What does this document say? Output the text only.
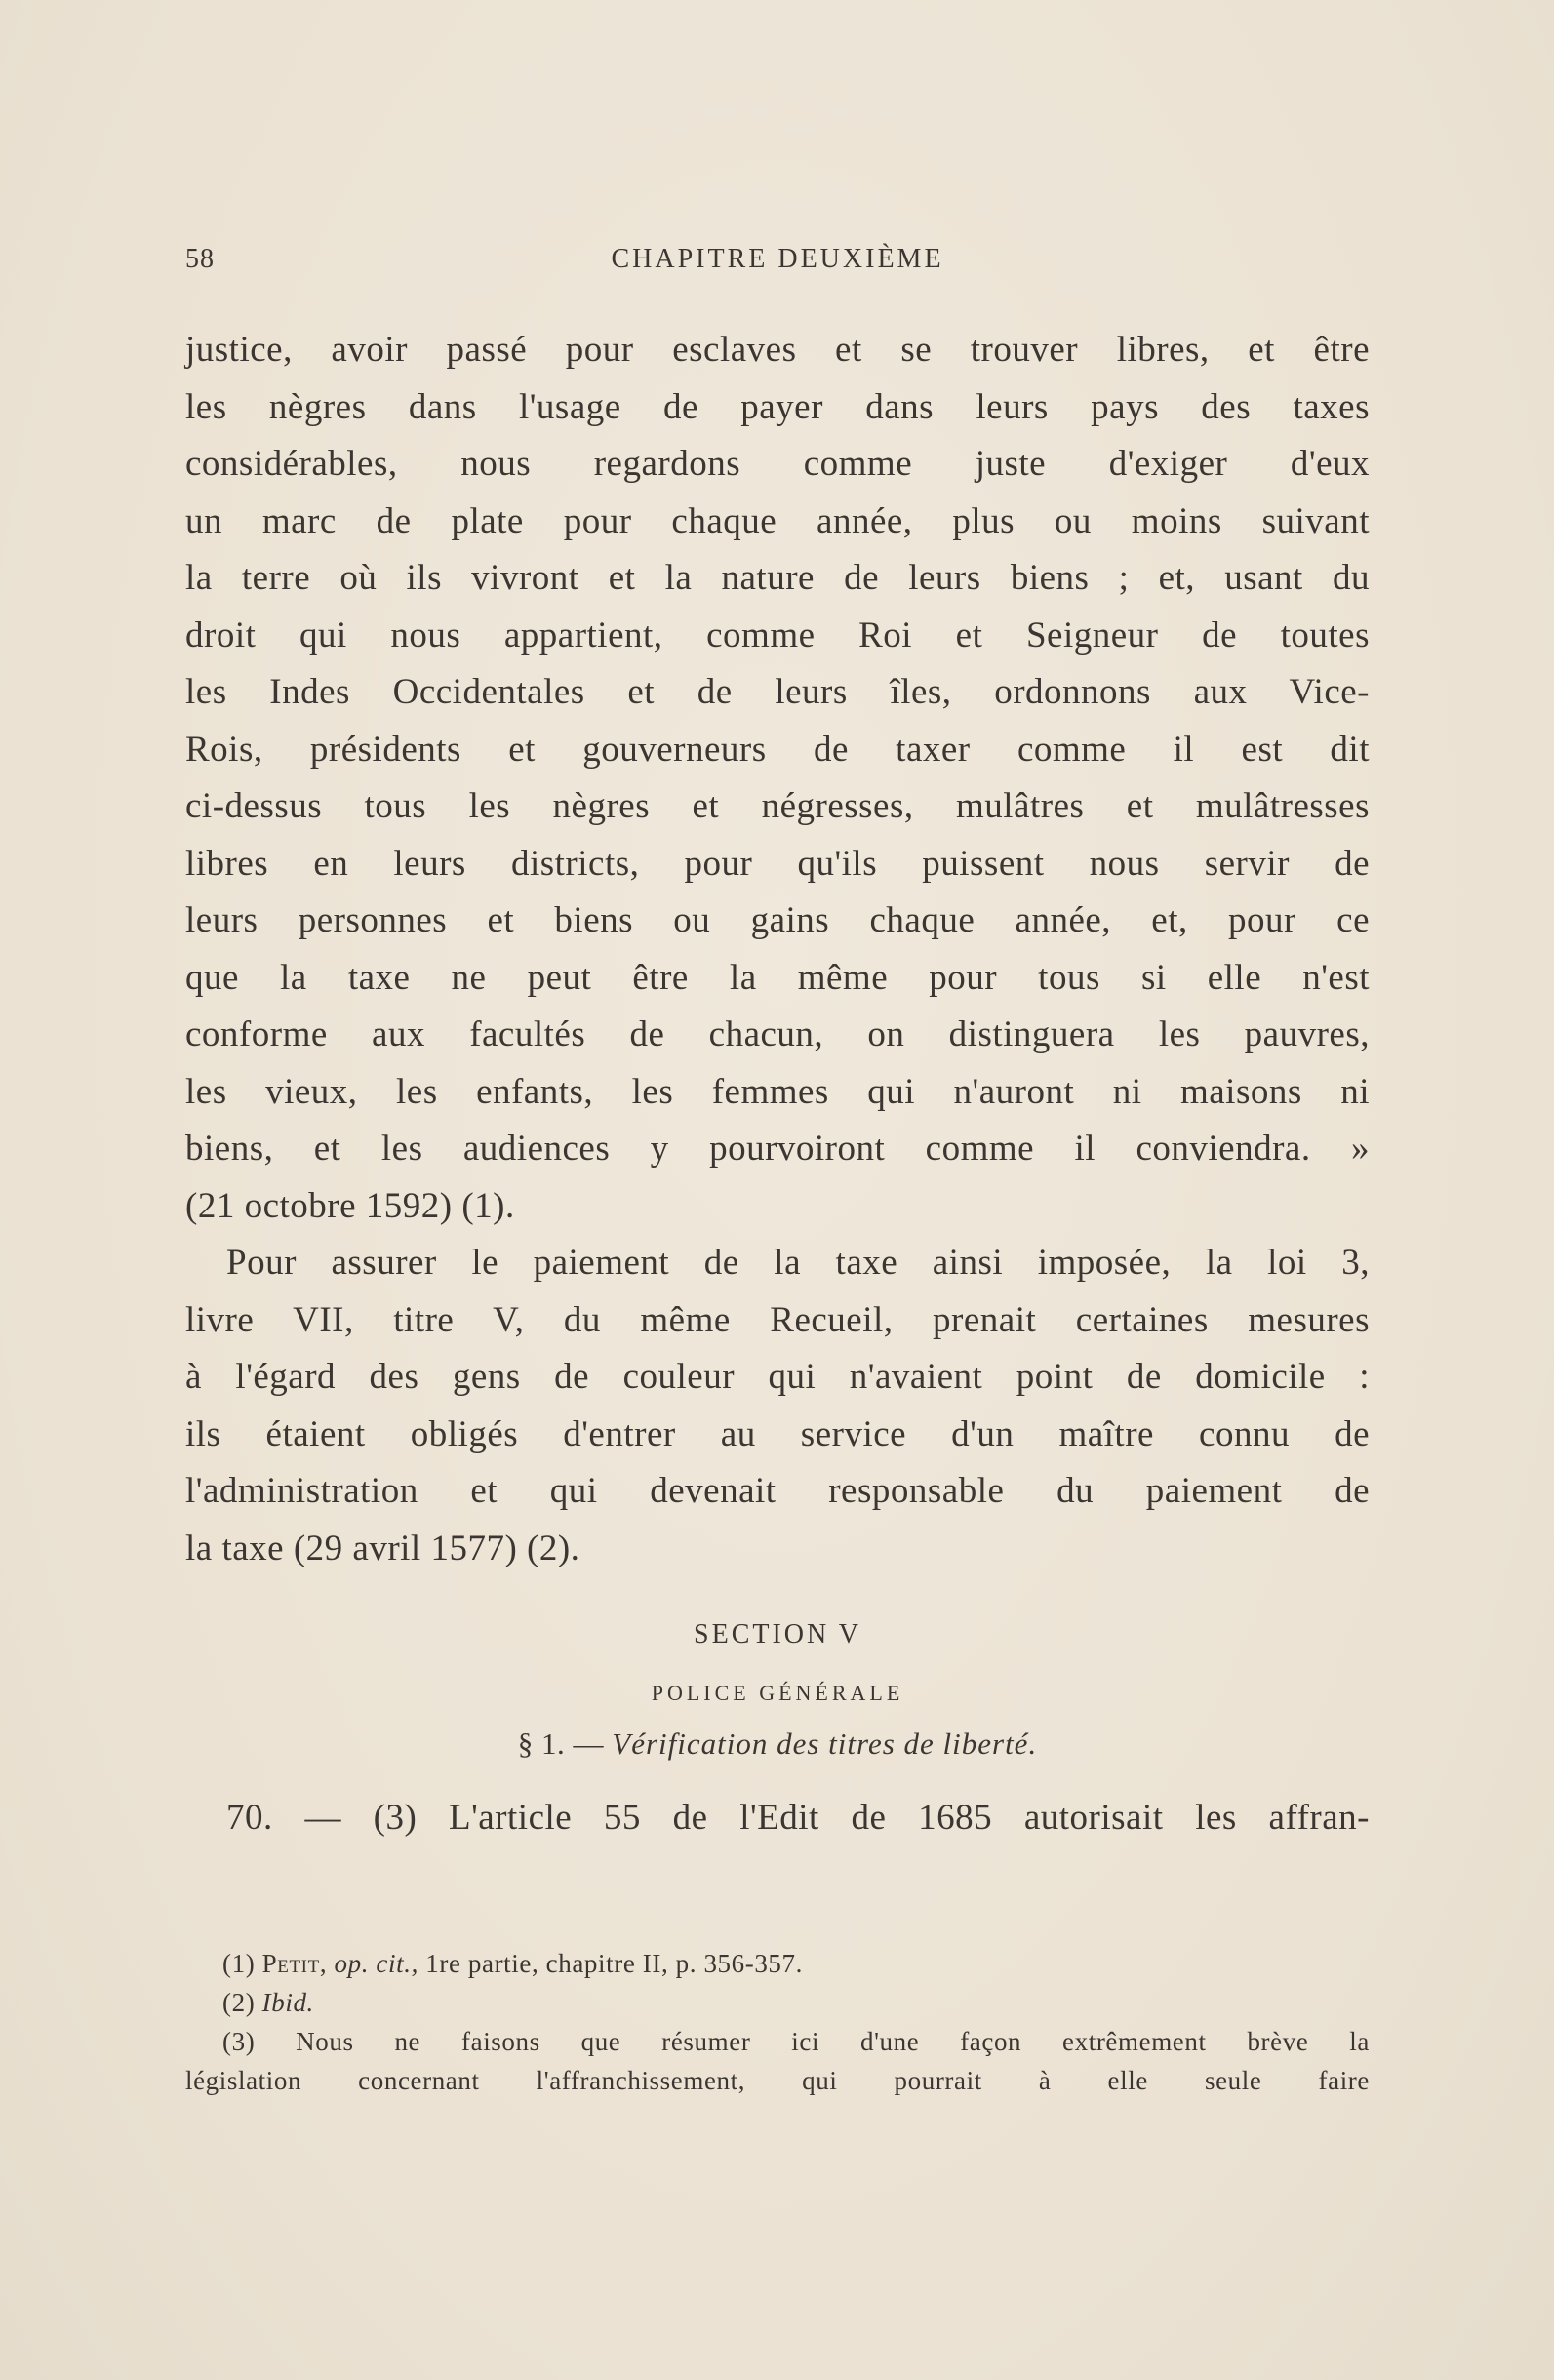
58	CHAPITRE DEUXIÈME
justice, avoir passé pour esclaves et se trouver libres, et être
les nègres dans l'usage de payer dans leurs pays des taxes
considérables, nous regardons comme juste d'exiger d'eux
un marc de plate pour chaque année, plus ou moins suivant
la terre où ils vivront et la nature de leurs biens ; et, usant du
droit qui nous appartient, comme Roi et Seigneur de toutes
les Indes Occidentales et de leurs îles, ordonnons aux Vice-
Rois, présidents et gouverneurs de taxer comme il est dit
ci-dessus tous les nègres et négresses, mulâtres et mulâtresses
libres en leurs districts, pour qu'ils puissent nous servir de
leurs personnes et biens ou gains chaque année, et, pour ce
que la taxe ne peut être la même pour tous si elle n'est
conforme aux facultés de chacun, on distinguera les pauvres,
les vieux, les enfants, les femmes qui n'auront ni maisons ni
biens, et les audiences y pourvoiront comme il conviendra. »
(21 octobre 1592) (1).
Pour assurer le paiement de la taxe ainsi imposée, la loi 3,
livre VII, titre V, du même Recueil, prenait certaines mesures
à l'égard des gens de couleur qui n'avaient point de domicile :
ils étaient obligés d'entrer au service d'un maître connu de
l'administration et qui devenait responsable du paiement de
la taxe (29 avril 1577) (2).
SECTION V
POLICE GÉNÉRALE
§ 1. — Vérification des titres de liberté.
70. — (3) L'article 55 de l'Edit de 1685 autorisait les affran-
(1) Petit, op. cit., 1re partie, chapitre II, p. 356-357.
(2) Ibid.
(3) Nous ne faisons que résumer ici d'une façon extrêmement brève la
législation concernant l'affranchissement, qui pourrait à elle seule faire
